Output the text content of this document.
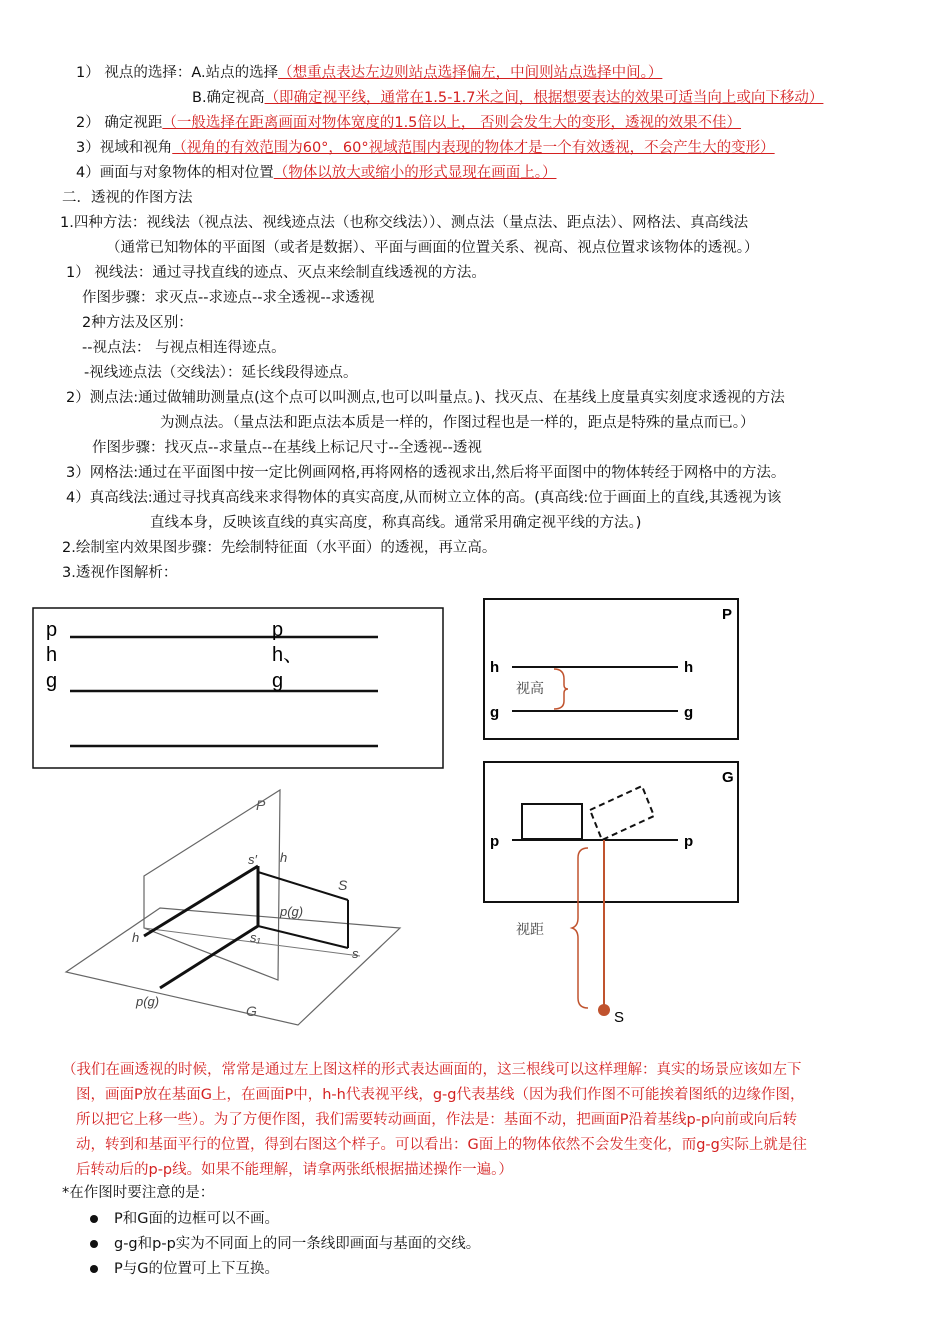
1） 视点的选择：A.站点的选择（想重点表达左边则站点选择偏左，中间则站点选择中间。）
B.确定视高（即确定视平线，通常在1.5-1.7米之间，根据想要表达的效果可适当向上或向下移动）
2） 确定视距（一般选择在距离画面对物体宽度的1.5倍以上， 否则会发生大的变形，透视的效果不佳）
3）视域和视角（视角的有效范围为60°，60°视域范围内表现的物体才是一个有效透视，不会产生大的变形）
4）画面与对象物体的相对位置（物体以放大或缩小的形式显现在画面上。）
二．透视的作图方法
1.四种方法：视线法（视点法、视线迹点法（也称交线法））、测点法（量点法、距点法）、网格法、真高线法
（通常已知物体的平面图（或者是数据）、平面与画面的位置关系、视高、视点位置求该物体的透视。）
1） 视线法：通过寻找直线的迹点、灭点来绘制直线透视的方法。
作图步骤：求灭点--求迹点--求全透视--求透视
2种方法及区别：
--视点法： 与视点相连得迹点。
-视线迹点法（交线法）：延长线段得迹点。
2）测点法:通过做辅助测量点(这个点可以叫测点,也可以叫量点。)、找灭点、在基线上度量真实刻度求透视的方法
为测点法。（量点法和距点法本质是一样的，作图过程也是一样的，距点是特殊的量点而已。）
作图步骤：找灭点--求量点--在基线上标记尺寸--全透视--透视
3）网格法:通过在平面图中按一定比例画网格,再将网格的透视求出,然后将平面图中的物体转经于网格中的方法。
4）真高线法:通过寻找真高线来求得物体的真实高度,从而树立立体的高。(真高线:位于画面上的直线,其透视为该
直线本身，反映该直线的真实高度，称真高线。通常采用确定视平线的方法。)
2.绘制室内效果图步骤：先绘制特征面（水平面）的透视，再立高。
3.透视作图解析：
p
h
g
p
h、
g
P
h	h
g	g
视高
G
p	p
S
视距
P
G
s′ h
S
p(g)
h	s₁
s
p(g)
（我们在画透视的时候，常常是通过左上图这样的形式表达画面的，这三根线可以这样理解：真实的场景应该如左下
图，画面P放在基面G上，在画面P中，h-h代表视平线，g-g代表基线（因为我们作图不可能挨着图纸的边缘作图，
所以把它上移一些）。为了方便作图，我们需要转动画面，作法是：基面不动，把画面P沿着基线p-p向前或向后转
动，转到和基面平行的位置，得到右图这个样子。可以看出：G面上的物体依然不会发生变化，而g-g实际上就是往
后转动后的p-p线。如果不能理解，请拿两张纸根据描述操作一遍。）
*在作图时要注意的是：
P和G面的边框可以不画。
g-g和p-p实为不同面上的同一条线即画面与基面的交线。
P与G的位置可上下互换。
